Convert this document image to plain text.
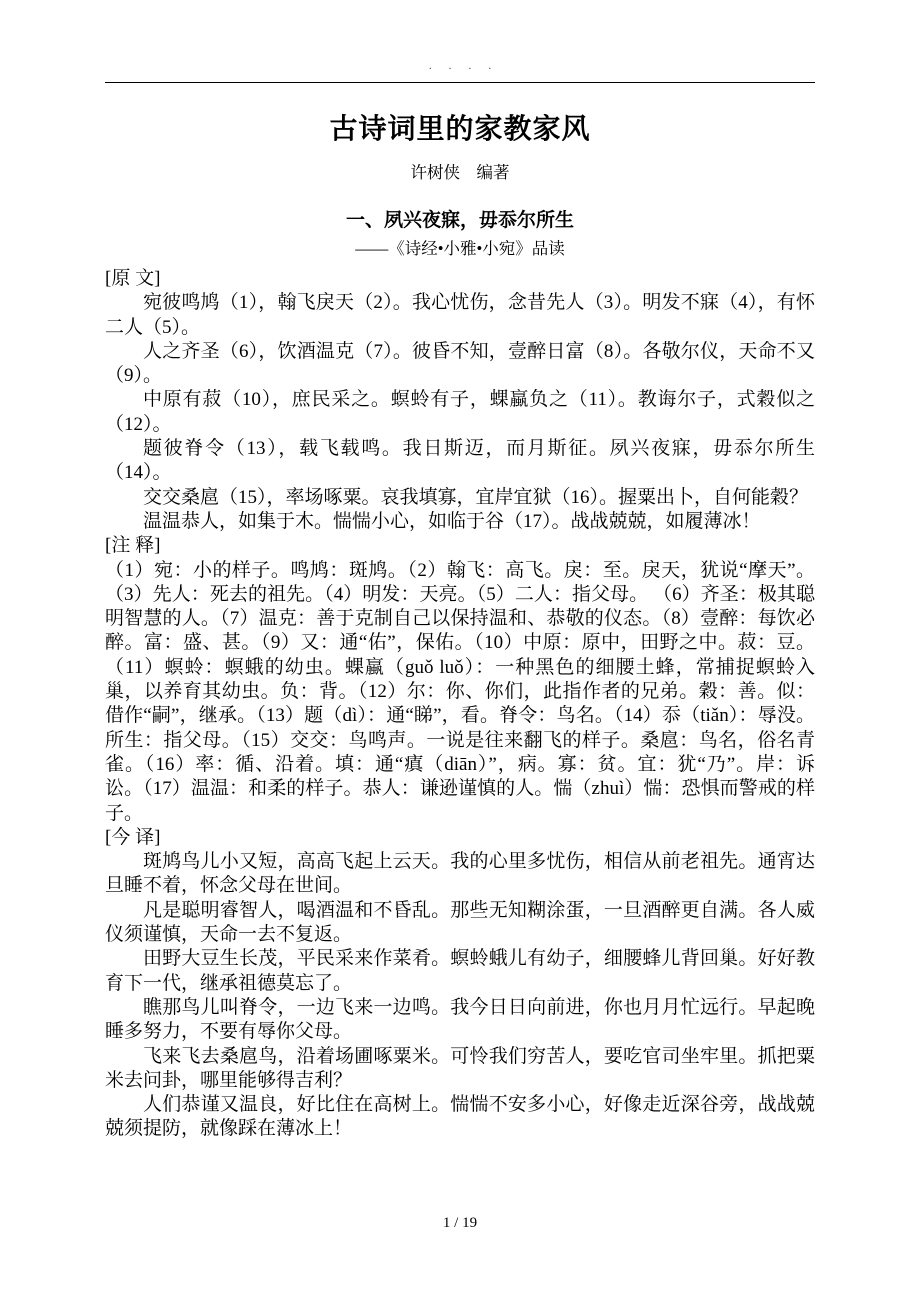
· · · ·
古诗词里的家教家风
许树侠　编著
一、夙兴夜寐，毋忝尔所生
——《诗经•小雅•小宛》品读
[原 文]

宛彼鸣鸠（1），翰飞戾天（2）。我心忧伤，念昔先人（3）。明发不寐（4），有怀二人（5）。

人之齐圣（6），饮酒温克（7）。彼昏不知，壹醉日富（8）。各敬尔仪，天命不又（9）。

中原有菽（10），庶民采之。螟蛉有子，蜾蠃负之（11）。教诲尔子，式穀似之（12）。

题彼脊令（13），载飞载鸣。我日斯迈，而月斯征。夙兴夜寐，毋忝尔所生（14）。

交交桑扈（15），率场啄粟。哀我填寡，宜岸宜狱（16）。握粟出卜，自何能穀？

温温恭人，如集于木。惴惴小心，如临于谷（17）。战战兢兢，如履薄冰！

[注 释]

（1）宛：小的样子。鸣鸠：斑鸠。（2）翰飞：高飞。戾：至。戾天，犹说“摩天”。（3）先人：死去的祖先。（4）明发：天亮。（5）二人：指父母。 （6）齐圣：极其聪明智慧的人。（7）温克：善于克制自己以保持温和、恭敬的仪态。（8）壹醉：每饮必醉。富：盛、甚。（9）又：通“佑”，保佑。（10）中原：原中，田野之中。菽：豆。（11）螟蛉：螟蛾的幼虫。蜾蠃（guǒ luǒ）：一种黑色的细腰土蜂，常捕捉螟蛉入巢，以养育其幼虫。负：背。（12）尔：你、你们，此指作者的兄弟。穀：善。似：借作“嗣”，继承。（13）题（dì）：通“睇”，看。脊令：鸟名。（14）忝（tiǎn）：辱没。所生：指父母。（15）交交：鸟鸣声。一说是往来翻飞的样子。桑扈：鸟名，俗名青雀。（16）率：循、沿着。填：通“瘨（diān）”，病。寡：贫。宜：犹“乃”。岸：诉讼。（17）温温：和柔的样子。恭人：谦逊谨慎的人。惴（zhuì）惴：恐惧而警戒的样子。

[今 译]

斑鸠鸟儿小又短，高高飞起上云天。我的心里多忧伤，相信从前老祖先。通宵达旦睡不着，怀念父母在世间。

凡是聪明睿智人，喝酒温和不昏乱。那些无知糊涂蛋，一旦酒醉更自满。各人威仪须谨慎，天命一去不复返。

田野大豆生长茂，平民采来作菜肴。螟蛉蛾儿有幼子，细腰蜂儿背回巢。好好教育下一代，继承祖德莫忘了。

瞧那鸟儿叫脊令，一边飞来一边鸣。我今日日向前进，你也月月忙远行。早起晚睡多努力，不要有辱你父母。

飞来飞去桑扈鸟，沿着场圃啄粟米。可怜我们穷苦人，要吃官司坐牢里。抓把粟米去问卦，哪里能够得吉利？

人们恭谨又温良，好比住在高树上。惴惴不安多小心，好像走近深谷旁，战战兢兢须提防，就像踩在薄冰上！

1 / 19
